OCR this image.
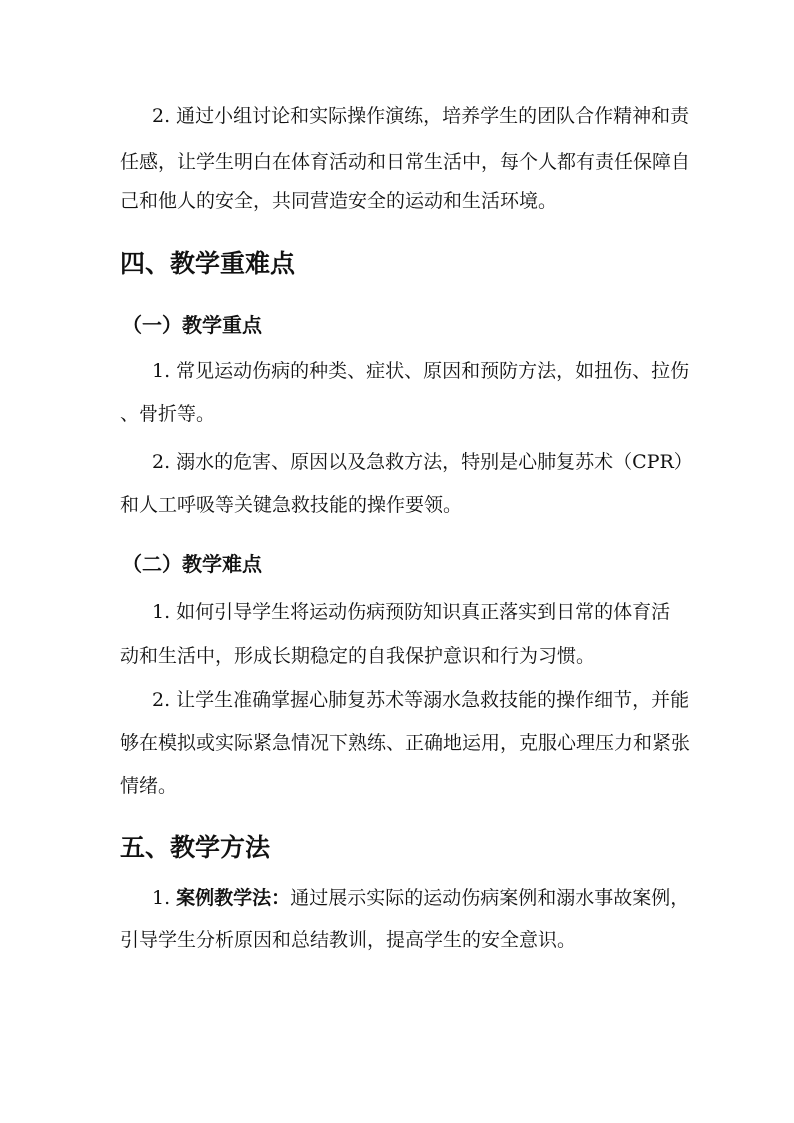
2. 通过小组讨论和实际操作演练，培养学生的团队合作精神和责
任感，让学生明白在体育活动和日常生活中，每个人都有责任保障自
己和他人的安全，共同营造安全的运动和生活环境。
四、教学重难点
（一）教学重点
1. 常见运动伤病的种类、症状、原因和预防方法，如扭伤、拉伤
、骨折等。
2. 溺水的危害、原因以及急救方法，特别是心肺复苏术（CPR）
和人工呼吸等关键急救技能的操作要领。
（二）教学难点
1. 如何引导学生将运动伤病预防知识真正落实到日常的体育活
动和生活中，形成长期稳定的自我保护意识和行为习惯。
2. 让学生准确掌握心肺复苏术等溺水急救技能的操作细节，并能
够在模拟或实际紧急情况下熟练、正确地运用，克服心理压力和紧张
情绪。
五、教学方法
1. 案例教学法：通过展示实际的运动伤病案例和溺水事故案例，
引导学生分析原因和总结教训，提高学生的安全意识。
